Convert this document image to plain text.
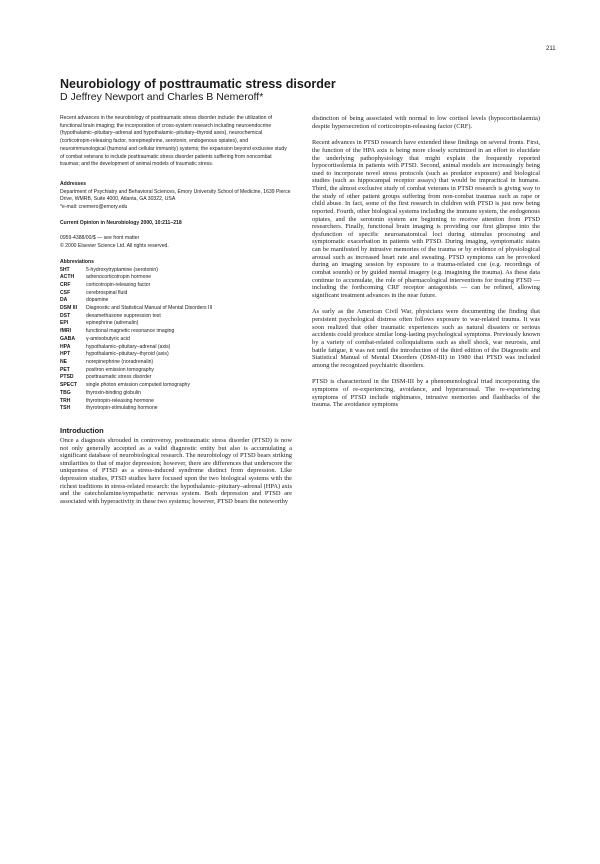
211
Neurobiology of posttraumatic stress disorder
D Jeffrey Newport and Charles B Nemeroff*

Recent advances in the neurobiology of posttraumatic stress disorder include: the utilization of functional brain imaging; the incorporation of cross-system research including neuroendocrine (hypothalamic–pituitary–adrenal and hypothalamic–pituitary–thyroid axes), neurochemical (corticotropin-releasing factor, norepinephrine, serotonin, endogenous opiates), and neuroimmunological (humoral and cellular immunity) systems; the expansion beyond exclusive study of combat veterans to include posttraumatic stress disorder patients suffering from noncombat traumas; and the development of animal models of traumatic stress.

Addresses

Department of Psychiatry and Behavioral Sciences, Emory University School of Medicine, 1639 Pierce Drive, WMRB, Suite 4000, Atlanta, GA 30322, USA

*e-mail: cnemero@emory.edu

Current Opinion in Neurobiology 2000, 10:211–218

0959-4388/00/$ — see front matter

© 2000 Elsevier Science Ltd. All rights reserved.

Abbreviations

5HT	5-hydroxytryptamine (serotonin)
ACTH	adrenocorticotropin hormone
CRF	corticotropin-releasing factor
CSF	cerebrospinal fluid
DA	dopamine
DSM III	Diagnostic and Statistical Manual of Mental Disorders III
DST	dexamethasone suppression test
EPI	epinephrine (adrenalin)
fMRI	functional magnetic resonance imaging
GABA	γ-aminobutyric acid
HPA	hypothalamic–pituitary–adrenal (axis)
HPT	hypothalamic–pituitary–thyroid (axis)
NE	norepinephrine (noradrenalin)
PET	positron emission tomography
PTSD	posttraumatic stress disorder
SPECT	single photon emission computed tomography
TBG	thyroxin-binding globulin
TRH	thyrotropin-releasing hormone
TSH	thyrotropin-stimulating hormone
Introduction

Once a diagnosis shrouded in controversy, posttraumatic stress disorder (PTSD) is now not only generally accepted as a valid diagnostic entity but also is accumulating a significant database of neurobiological research. The neurobiology of PTSD bears striking similarities to that of major depression; however, there are differences that underscore the uniqueness of PTSD as a stress-induced syndrome distinct from depression. Like depression studies, PTSD studies have focused upon the two biological systems with the richest traditions in stress-related research: the hypothalamic–pituitary–adrenal (HPA) axis and the catecholamine/sympathetic nervous system. Both depression and PTSD are associated with hyperactivity in these two systems; however, PTSD bears the noteworthy

distinction of being associated with normal to low cortisol levels (hypocortisolaemia) despite hypersecretion of corticotropin-releasing factor (CRF).

Recent advances in PTSD research have extended these findings on several fronts. First, the function of the HPA axis is being more closely scrutinized in an effort to elucidate the underlying pathophysiology that might explain the frequently reported hypocortisolemia in patients with PTSD. Second, animal models are increasingly being used to incorporate novel stress protocols (such as predator exposure) and biological studies (such as hippocampal receptor assays) that would be impractical in humans. Third, the almost exclusive study of combat veterans in PTSD research is giving way to the study of other patient groups suffering from non-combat traumas such as rape or child abuse. In fact, some of the first research in children with PTSD is just now being reported. Fourth, other biological systems including the immune system, the endogenous opiates, and the serotonin system are beginning to receive attention from PTSD researchers. Finally, functional brain imaging is providing our first glimpse into the dysfunction of specific neuroanatomical loci during stimulus processing and symptomatic exacerbation in patients with PTSD. During imaging, symptomatic states can be manifested by intrusive memories of the trauma or by evidence of physiological arousal such as increased heart rate and sweating. PTSD symptoms can be provoked during an imaging session by exposure to a trauma-related cue (e.g. recordings of combat sounds) or by guided mental imagery (e.g. imagining the trauma). As these data continue to accumulate, the role of pharmacological interventions for treating PTSD — including the forthcoming CRF receptor antagonists — can be refined, allowing significant treatment advances in the near future.

As early as the American Civil War, physicians were documenting the finding that persistent psychological distress often follows exposure to war-related trauma. It was soon realized that other traumatic experiences such as natural disasters or serious accidents could produce similar long-lasting psychological symptoms. Previously known by a variety of combat-related colloquialisms such as shell shock, war neurosis, and battle fatigue, it was not until the introduction of the third edition of the Diagnostic and Statistical Manual of Mental Disorders (DSM-III) in 1980 that PTSD was included among the recognized psychiatric disorders.

PTSD is characterized in the DSM-III by a phenomenological triad incorporating the symptoms of re-experiencing, avoidance, and hyperarousal. The re-experiencing symptoms of PTSD include nightmares, intrusive memories and flashbacks of the trauma. The avoidance symptoms
